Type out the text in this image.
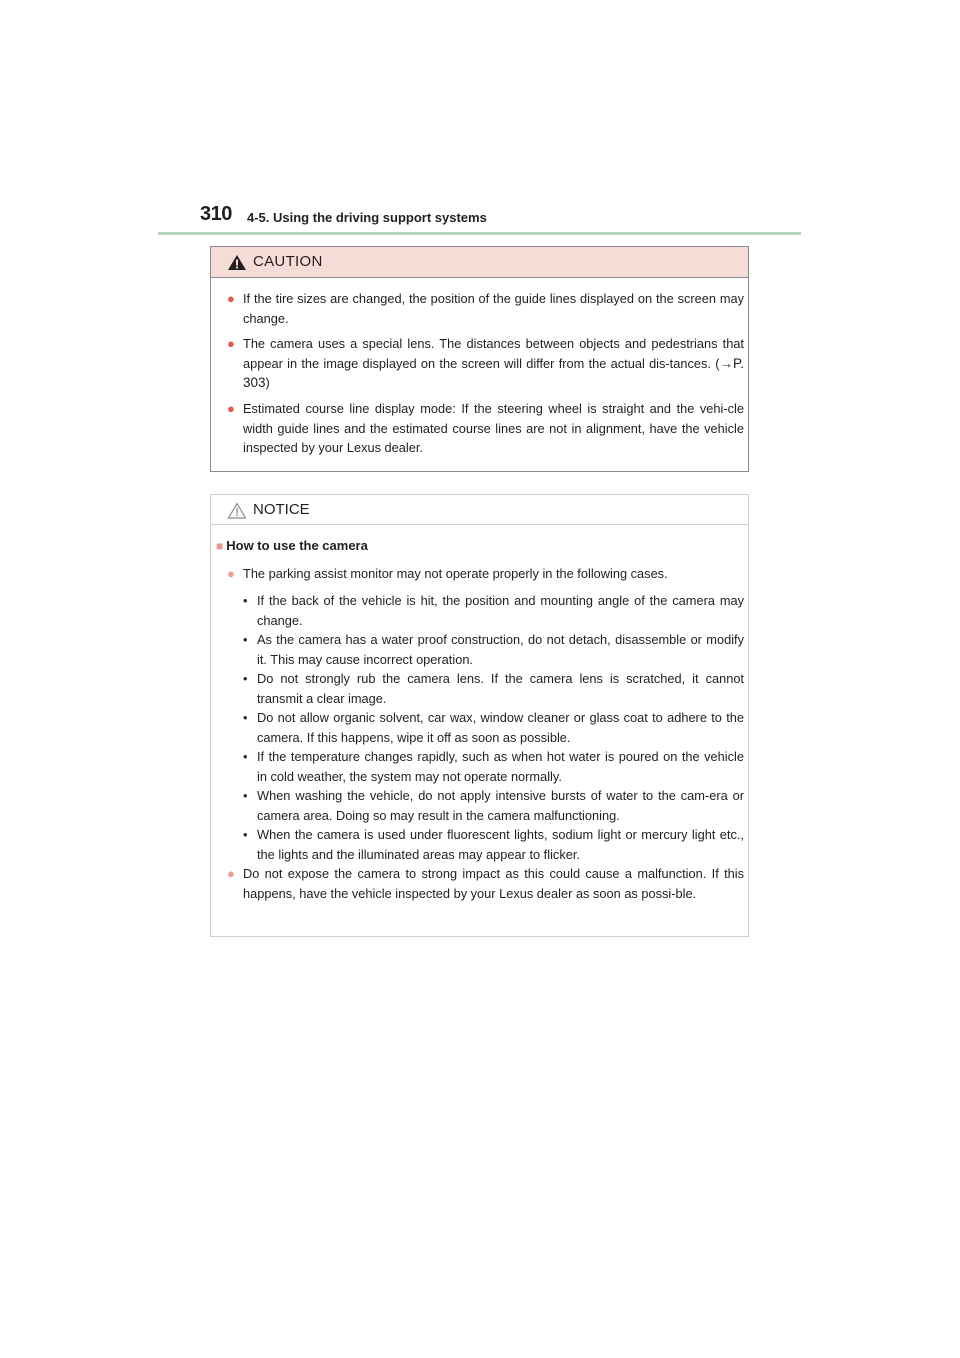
310 4-5. Using the driving support systems
CAUTION
● If the tire sizes are changed, the position of the guide lines displayed on the screen may change.
● The camera uses a special lens. The distances between objects and pedestrians that appear in the image displayed on the screen will differ from the actual dis-tances. (→P. 303)
● Estimated course line display mode: If the steering wheel is straight and the vehi-cle width guide lines and the estimated course lines are not in alignment, have the vehicle inspected by your Lexus dealer.
NOTICE
■ How to use the camera
● The parking assist monitor may not operate properly in the following cases.
• If the back of the vehicle is hit, the position and mounting angle of the camera may change.
• As the camera has a water proof construction, do not detach, disassemble or modify it. This may cause incorrect operation.
• Do not strongly rub the camera lens. If the camera lens is scratched, it cannot transmit a clear image.
• Do not allow organic solvent, car wax, window cleaner or glass coat to adhere to the camera. If this happens, wipe it off as soon as possible.
• If the temperature changes rapidly, such as when hot water is poured on the vehicle in cold weather, the system may not operate normally.
• When washing the vehicle, do not apply intensive bursts of water to the cam-era or camera area. Doing so may result in the camera malfunctioning.
• When the camera is used under fluorescent lights, sodium light or mercury light etc., the lights and the illuminated areas may appear to flicker.
● Do not expose the camera to strong impact as this could cause a malfunction. If this happens, have the vehicle inspected by your Lexus dealer as soon as possi-ble.
